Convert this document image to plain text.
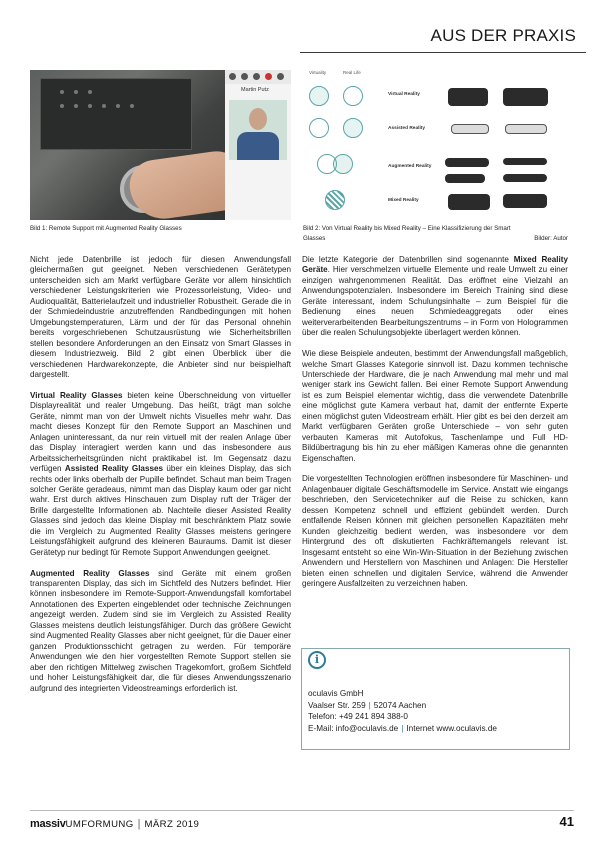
AUS DER PRAXIS
Martin Putz
Bild 1: Remote Support mit Augmented Reality Glasses
Virtuality	Real Life
Virtual Reality
Assisted Reality
Augmented Reality
Mixed Reality
Bild 2: Von Virtual Reality bis Mixed Reality – Eine Klassifizierung der Smart
Glasses	Bilder: Autor

Nicht jede Datenbrille ist jedoch für diesen Anwendungsfall gleichermaßen gut geeignet. Neben verschiedenen Gerätetypen unterscheiden sich am Markt verfügbare Geräte vor allem hinsichtlich verschiedener Leistungskriterien wie Prozessorleistung, Video- und Audioqualität, Batterielaufzeit und industrieller Robustheit. Gerade die in der Schmiedeindustrie anzutreffenden Randbedingungen mit hohen Umgebungstemperaturen, Lärm und der für das Personal ohnehin bereits vorgeschriebenen Schutzausrüstung wie Sicherheitsbrillen stellen besondere Anforderungen an den Einsatz von Smart Glasses in diesem Industriezweig. Bild 2 gibt einen Überblick über die verschiedenen Hardwarekonzepte, die Anbieter sind nur beispielhaft dargestellt.

Virtual Reality Glasses bieten keine Überschneidung von virtueller Displayrealität und realer Umgebung. Das heißt, trägt man solche Geräte, nimmt man von der Umwelt nichts Visuelles mehr wahr. Das macht dieses Konzept für den Remote Support an Maschinen und Anlagen uninteressant, da nur rein virtuell mit der realen Anlage über das Display interagiert werden kann und das insbesondere aus Arbeitssicherheitsgründen nicht praktikabel ist. Im Gegensatz dazu verfügen Assisted Reality Glasses über ein kleines Display, das sich rechts oder links oberhalb der Pupille befindet. Schaut man beim Tragen solcher Geräte geradeaus, nimmt man das Display kaum oder gar nicht wahr. Erst durch aktives Hinschauen zum Display ruft der Träger der Brille dargestellte Informationen ab. Nachteile dieser Assisted Reality Glasses sind jedoch das kleine Display mit beschränktem Platz sowie die im Vergleich zu Augmented Reality Glasses meistens geringere Leistungsfähigkeit aufgrund des kleineren Bauraums. Damit ist dieser Gerätetyp nur bedingt für Remote Support Anwendungen geeignet.

Augmented Reality Glasses sind Geräte mit einem großen transparenten Display, das sich im Sichtfeld des Nutzers befindet. Hier können insbesondere im Remote-Support-Anwendungsfall komfortabel Annotationen des Experten eingeblendet oder technische Zeichnungen angezeigt werden. Zudem sind sie im Vergleich zu Assisted Reality Glasses meistens deutlich leistungsfähiger. Durch das größere Gewicht sind Augmented Reality Glasses aber nicht geeignet, für die Dauer einer ganzen Produktionsschicht getragen zu werden. Für temporäre Anwendungen wie den hier vorgestellten Remote Support stellen sie aber den richtigen Mittelweg zwischen Tragekomfort, großem Sichtfeld und hoher Leistungsfähigkeit dar, die für dieses Anwendungsszenario aufgrund des integrierten Videostreamings erforderlich ist.

Die letzte Kategorie der Datenbrillen sind sogenannte Mixed Reality Geräte. Hier verschmelzen virtuelle Elemente und reale Umwelt zu einer einzigen wahrgenommenen Realität. Das eröffnet eine Vielzahl an Anwendungspotenzialen. Insbesondere im Bereich Training sind diese Geräte interessant, indem Schulungsinhalte – zum Beispiel für die Bedienung eines neuen Schmiedeaggregats oder eines weiterverarbeitenden Bearbeitungszentrums – in Form von Hologrammen über die realen Schulungsobjekte überlagert werden können.

Wie diese Beispiele andeuten, bestimmt der Anwendungsfall maßgeblich, welche Smart Glasses Kategorie sinnvoll ist. Dazu kommen technische Unterschiede der Hardware, die je nach Anwendung mal mehr und mal weniger stark ins Gewicht fallen. Bei einer Remote Support Anwendung ist es zum Beispiel elementar wichtig, dass die verwendete Datenbrille eine möglichst gute Kamera verbaut hat, damit der entfernte Experte einen möglichst guten Videostream erhält. Hier gibt es bei den derzeit am Markt verfügbaren Geräten große Unterschiede – von sehr guten verbauten Kameras mit Autofokus, Taschenlampe und Full HD-Bildübertragung bis hin zu eher mäßigen Kameras ohne die genannten Eigenschaften.

Die vorgestellten Technologien eröffnen insbesondere für Maschinen- und Anlagenbauer digitale Geschäftsmodelle im Service. Anstatt wie eingangs beschrieben, den Servicetechniker auf die Reise zu schicken, kann dessen Kompetenz schnell und effizient gebündelt werden. Durch entfallende Reisen können mit gleichen personellen Kapazitäten mehr Kunden gleichzeitig bedient werden, was insbesondere vor dem Hintergrund des oft diskutierten Fachkräftemangels relevant ist. Insgesamt entsteht so eine Win-Win-Situation in der Beziehung zwischen Anwendern und Herstellern von Maschinen und Anlagen: Die Hersteller bieten einen schnellen und digitalen Service, während die Anwender geringere Ausfallzeiten zu verzeichnen haben.

i
oculavis GmbH
Vaalser Str. 259 | 52074 Aachen
Telefon: +49 241 894 388-0
E-Mail: info@oculavis.de | Internet www.oculavis.de
massivUMFORMUNG | MÄRZ 2019	41
